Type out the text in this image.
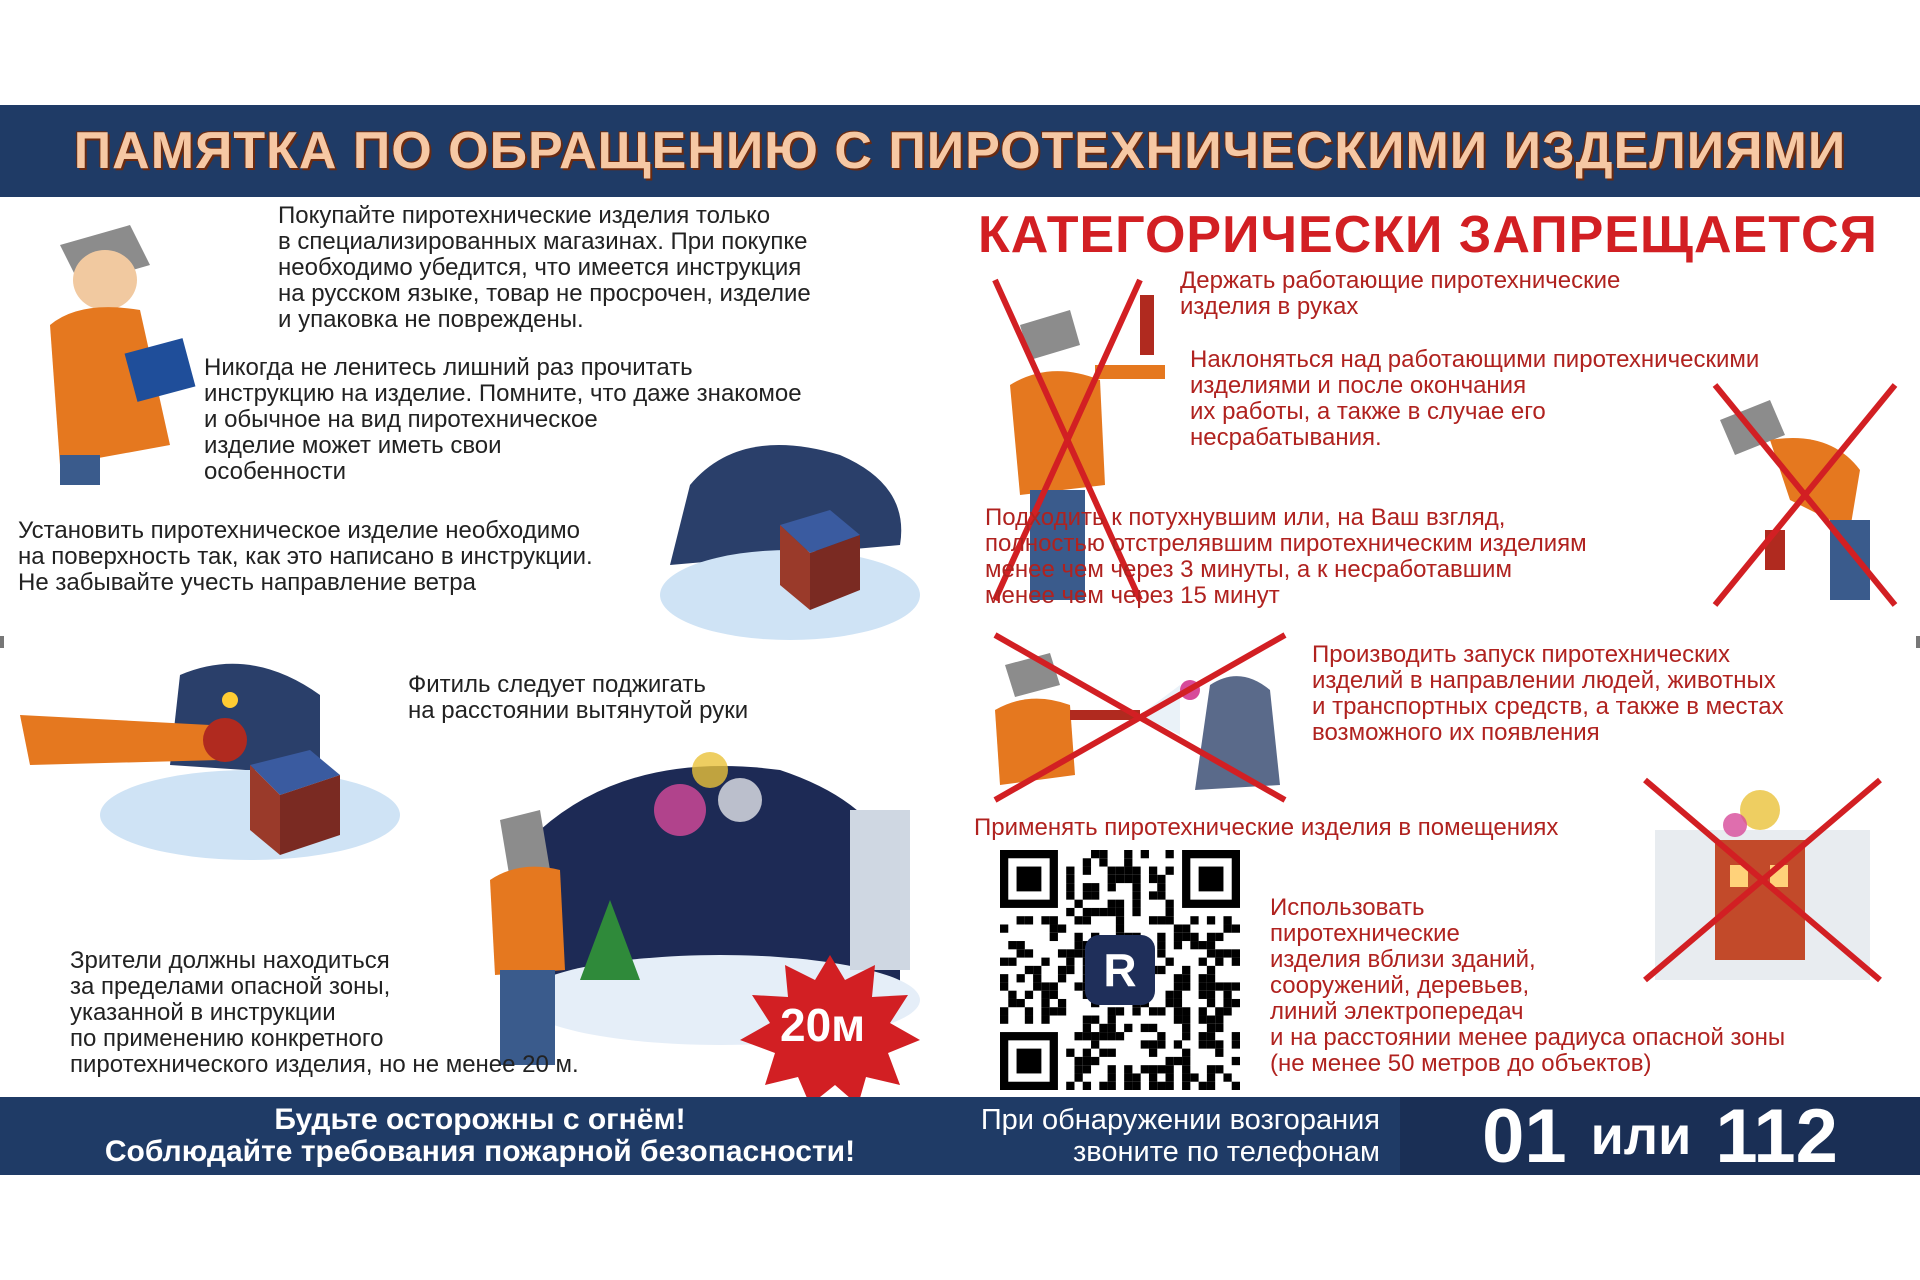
ПАМЯТКА ПО ОБРАЩЕНИЮ С ПИРОТЕХНИЧЕСКИМИ ИЗДЕЛИЯМИ
Покупайте пиротехнические изделия только
в специализированных магазинах. При покупке
необходимо убедится, что имеется инструкция
на русском языке, товар не просрочен, изделие
и упаковка не повреждены.
Никогда не ленитесь лишний раз прочитать
инструкцию на изделие. Помните, что даже знакомое
и обычное на вид пиротехническое
изделие может иметь свои
особенности
Установить пиротехническое изделие необходимо
на поверхность так, как это написано в инструкции.
Не забывайте учесть направление ветра
Фитиль следует поджигать
на расстоянии вытянутой руки
20м
Зрители должны находиться
за пределами опасной зоны,
указанной в инструкции
по применению конкретного
пиротехнического изделия, но не менее 20 м.
КАТЕГОРИЧЕСКИ ЗАПРЕЩАЕТСЯ
Держать работающие пиротехнические
изделия в руках
Наклоняться над работающими пиротехническими
изделиями и после окончания
их работы, а также в случае его
несрабатывания.
Подходить к потухнувшим или, на Ваш взгляд,
полностью отстрелявшим пиротехническим изделиям
менее чем через 3 минуты, а к несработавшим
менее чем через 15 минут
Производить запуск пиротехнических
изделий в направлении людей, животных
и транспортных средств, а также в местах
возможного их появления
Применять пиротехнические изделия в помещениях
R
Использовать
пиротехнические
изделия вблизи зданий,
сооружений, деревьев,
линий электропередач
и на расстоянии менее радиуса опасной зоны
(не менее 50 метров до объектов)
Будьте осторожны с огнём!
Соблюдайте требования пожарной безопасности!
При обнаружении возгорания
звоните по телефонам 01 или 112
